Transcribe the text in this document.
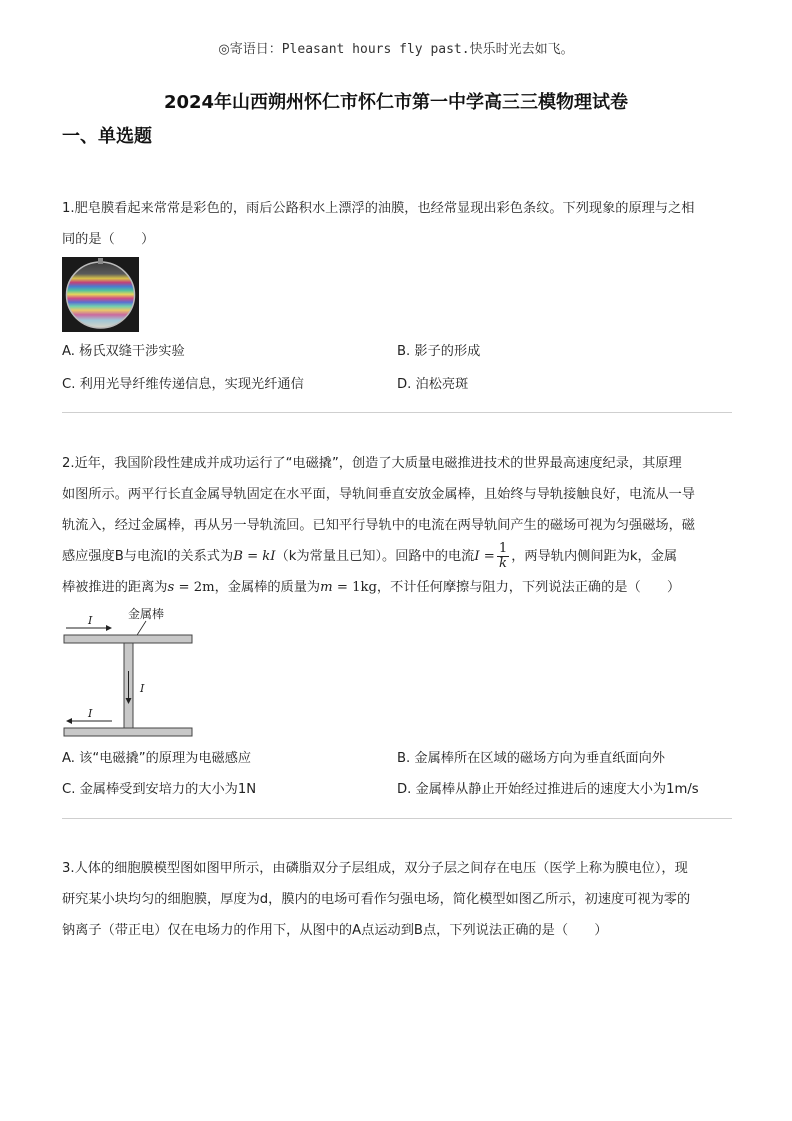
◎寄语日：Pleasant hours fly past.快乐时光去如飞。
2024年山西朔州怀仁市怀仁市第一中学高三三模物理试卷
一、单选题

1.肥皂膜看起来常常是彩色的，雨后公路积水上漂浮的油膜，也经常显现出彩色条纹。下列现象的原理与之相

同的是（　　）

A. 杨氏双缝干涉实验	B. 影子的形成
C. 利用光导纤维传递信息，实现光纤通信	D. 泊松亮斑

2.近年，我国阶段性建成并成功运行了“电磁撬”，创造了大质量电磁推进技术的世界最高速度纪录，其原理

如图所示。两平行长直金属导轨固定在水平面，导轨间垂直安放金属棒，且始终与导轨接触良好，电流从一导

轨流入，经过金属棒，再从另一导轨流回。已知平行导轨中的电流在两导轨间产生的磁场可视为匀强磁场，磁

感应强度B与电流I的关系式为B = kI（k为常量且已知）。回路中的电流$I = \frac{1}{k}$ ，两导轨内侧间距为k，金属

棒被推进的距离为s = 2m，金属棒的质量为m = 1kg，不计任何摩擦与阻力，下列说法正确的是（　　）

金属棒
I
I
I
A. 该“电磁撬”的原理为电磁感应	B. 金属棒所在区域的磁场方向为垂直纸面向外
C. 金属棒受到安培力的大小为1N	D. 金属棒从静止开始经过推进后的速度大小为1m/s

3.人体的细胞膜模型图如图甲所示，由磷脂双分子层组成，双分子层之间存在电压（医学上称为膜电位），现

研究某小块均匀的细胞膜，厚度为d，膜内的电场可看作匀强电场，简化模型如图乙所示，初速度可视为零的

钠离子（带正电）仅在电场力的作用下，从图中的A点运动到B点，下列说法正确的是（　　）
